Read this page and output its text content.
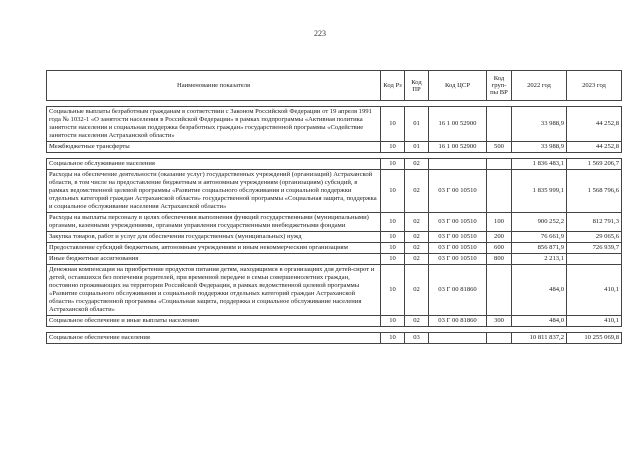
223
Наименование показателя	Код Рз	Код ПР	Код ЦСР	Код груп- пы ВР	2022 год	2023 год

Социальные выплаты безработным гражданам в соответствии с Законом Российской Федерации от 19 апреля 1991 года № 1032-1 «О занятости населения в Российской Федерации» в рамках подпрограммы «Активная политика занятости населения и социальная поддержка безработных граждан» государственной программы «Содействие занятости населения Астраханской области»	10	01	16 1 00 52900		33 988,9	44 252,8
Межбюджетные трансферты	10	01	16 1 00 52900	500	33 988,9	44 252,8

Социальное обслуживание населения	10	02			1 836 483,1	1 569 206,7
Расходы на обеспечение деятельности (оказание услуг) государственных учреждений (организаций) Астраханской области, в том числе на предоставление бюджетным и автономным учреждениям (организациям) субсидий, в рамках ведомственной целевой программы «Развитие социального обслуживания и социальной поддержки отдельных категорий граждан Астраханской области» государственной программы «Социальная защита, поддержка и социальное обслуживание населения Астраханской области»	10	02	03 Г 00 10510		1 835 999,1	1 568 796,6
Расходы на выплаты персоналу в целях обеспечения выполнения функций государственными (муниципальными) органами, казенными учреждениями, органами управления государственными внебюджетными фондами	10	02	03 Г 00 10510	100	900 252,2	812 791,3
Закупка товаров, работ и услуг для обеспечения государственных (муниципальных) нужд	10	02	03 Г 00 10510	200	76 661,9	29 065,6
Предоставление субсидий бюджетным, автономным учреждениям и иным некоммерческим организациям	10	02	03 Г 00 10510	600	856 871,9	726 939,7
Иные бюджетные ассигнования	10	02	03 Г 00 10510	800	2 213,1	
Денежная компенсация на приобретение продуктов питания детям, находящимся в организациях для детей-сирот и детей, оставшихся без попечения родителей, при временной передаче в семьи совершеннолетних граждан, постоянно проживающих на территории Российской Федерации, в рамках ведомственной целевой программы «Развитие социального обслуживания и социальной поддержки отдельных категорий граждан Астраханской области» государственной программы «Социальная защита, поддержка и социальное обслуживание населения Астраханской области»	10	02	03 Г 00 81860		484,0	410,1
Социальное обеспечение и иные выплаты населению	10	02	03 Г 00 81860	300	484,0	410,1

Социальное обеспечение населения	10	03			10 811 837,2	10 255 069,8
